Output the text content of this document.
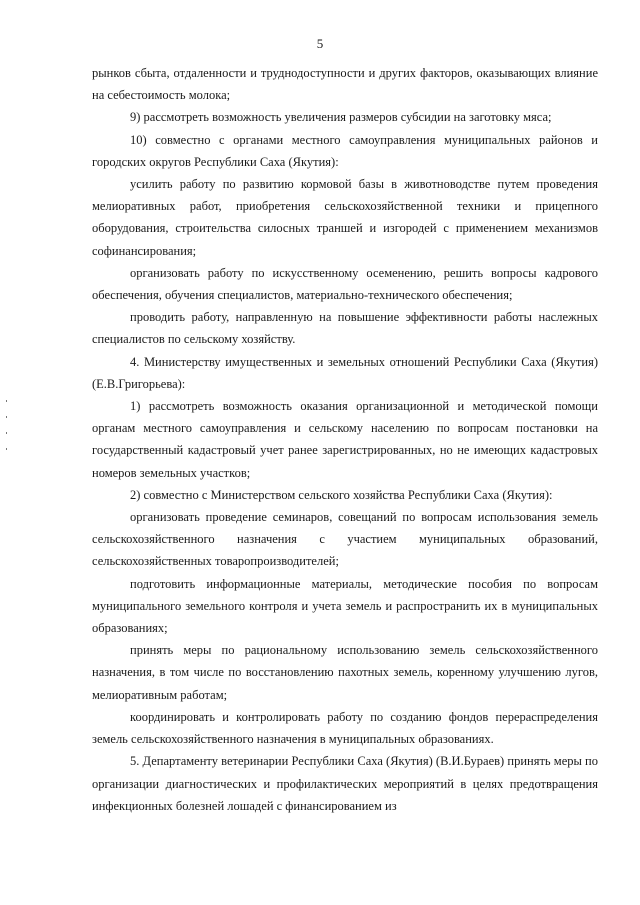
5

рынков сбыта, отдаленности и труднодоступности и других факторов, оказывающих влияние на себестоимость молока;

9) рассмотреть возможность увеличения размеров субсидии на заготовку мяса;

10) совместно с органами местного самоуправления муниципальных районов и городских округов Республики Саха (Якутия):

усилить работу по развитию кормовой базы в животноводстве путем проведения мелиоративных работ, приобретения сельскохозяйственной техники и прицепного оборудования, строительства силосных траншей и изгородей с применением механизмов софинансирования;

организовать работу по искусственному осеменению, решить вопросы кадрового обеспечения, обучения специалистов, материально-технического обеспечения;

проводить работу, направленную на повышение эффективности работы наслежных специалистов по сельскому хозяйству.

4. Министерству имущественных и земельных отношений Республики Саха (Якутия) (Е.В.Григорьева):

1) рассмотреть возможность оказания организационной и методической помощи органам местного самоуправления и сельскому населению по вопросам постановки на государственный кадастровый учет ранее зарегистрированных, но не имеющих кадастровых номеров земельных участков;

2) совместно с Министерством сельского хозяйства Республики Саха (Якутия):

организовать проведение семинаров, совещаний по вопросам использования земель сельскохозяйственного назначения с участием муниципальных образований, сельскохозяйственных товаропроизводителей;

подготовить информационные материалы, методические пособия по вопросам муниципального земельного контроля и учета земель и распространить их в муниципальных образованиях;

принять меры по рациональному использованию земель сельскохозяйственного назначения, в том числе по восстановлению пахотных земель, коренному улучшению лугов, мелиоративным работам;

координировать и контролировать работу по созданию фондов перераспределения земель сельскохозяйственного назначения в муниципальных образованиях.

5. Департаменту ветеринарии Республики Саха (Якутия) (В.И.Бураев) принять меры по организации диагностических и профилактических мероприятий в целях предотвращения инфекционных болезней лошадей с финансированием из
